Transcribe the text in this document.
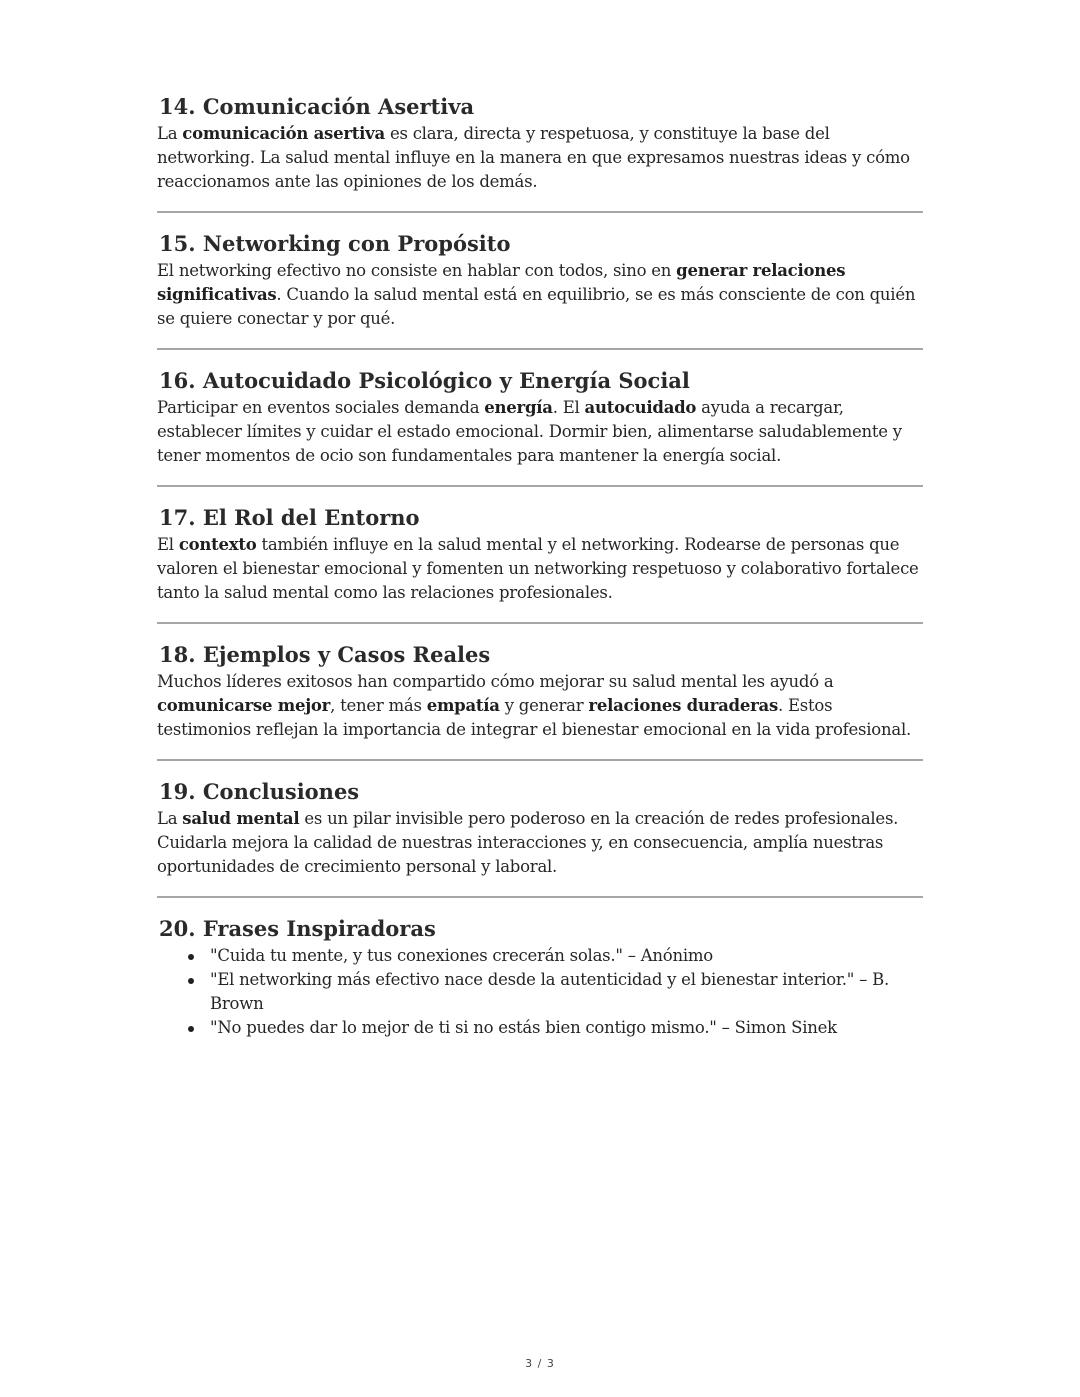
14. Comunicación Asertiva

La comunicación asertiva es clara, directa y respetuosa, y constituye la base del networking. La salud mental influye en la manera en que expresamos nuestras ideas y cómo reaccionamos ante las opiniones de los demás.

15. Networking con Propósito

El networking efectivo no consiste en hablar con todos, sino en generar relaciones significativas. Cuando la salud mental está en equilibrio, se es más consciente de con quién se quiere conectar y por qué.

16. Autocuidado Psicológico y Energía Social

Participar en eventos sociales demanda energía. El autocuidado ayuda a recargar, establecer límites y cuidar el estado emocional. Dormir bien, alimentarse saludablemente y tener momentos de ocio son fundamentales para mantener la energía social.

17. El Rol del Entorno

El contexto también influye en la salud mental y el networking. Rodearse de personas que valoren el bienestar emocional y fomenten un networking respetuoso y colaborativo fortalece tanto la salud mental como las relaciones profesionales.

18. Ejemplos y Casos Reales

Muchos líderes exitosos han compartido cómo mejorar su salud mental les ayudó a comunicarse mejor, tener más empatía y generar relaciones duraderas. Estos testimonios reflejan la importancia de integrar el bienestar emocional en la vida profesional.

19. Conclusiones

La salud mental es un pilar invisible pero poderoso en la creación de redes profesionales. Cuidarla mejora la calidad de nuestras interacciones y, en consecuencia, amplía nuestras oportunidades de crecimiento personal y laboral.

20. Frases Inspiradoras
"Cuida tu mente, y tus conexiones crecerán solas." – Anónimo
"El networking más efectivo nace desde la autenticidad y el bienestar interior." – B. Brown
"No puedes dar lo mejor de ti si no estás bien contigo mismo." – Simon Sinek
3 / 3
